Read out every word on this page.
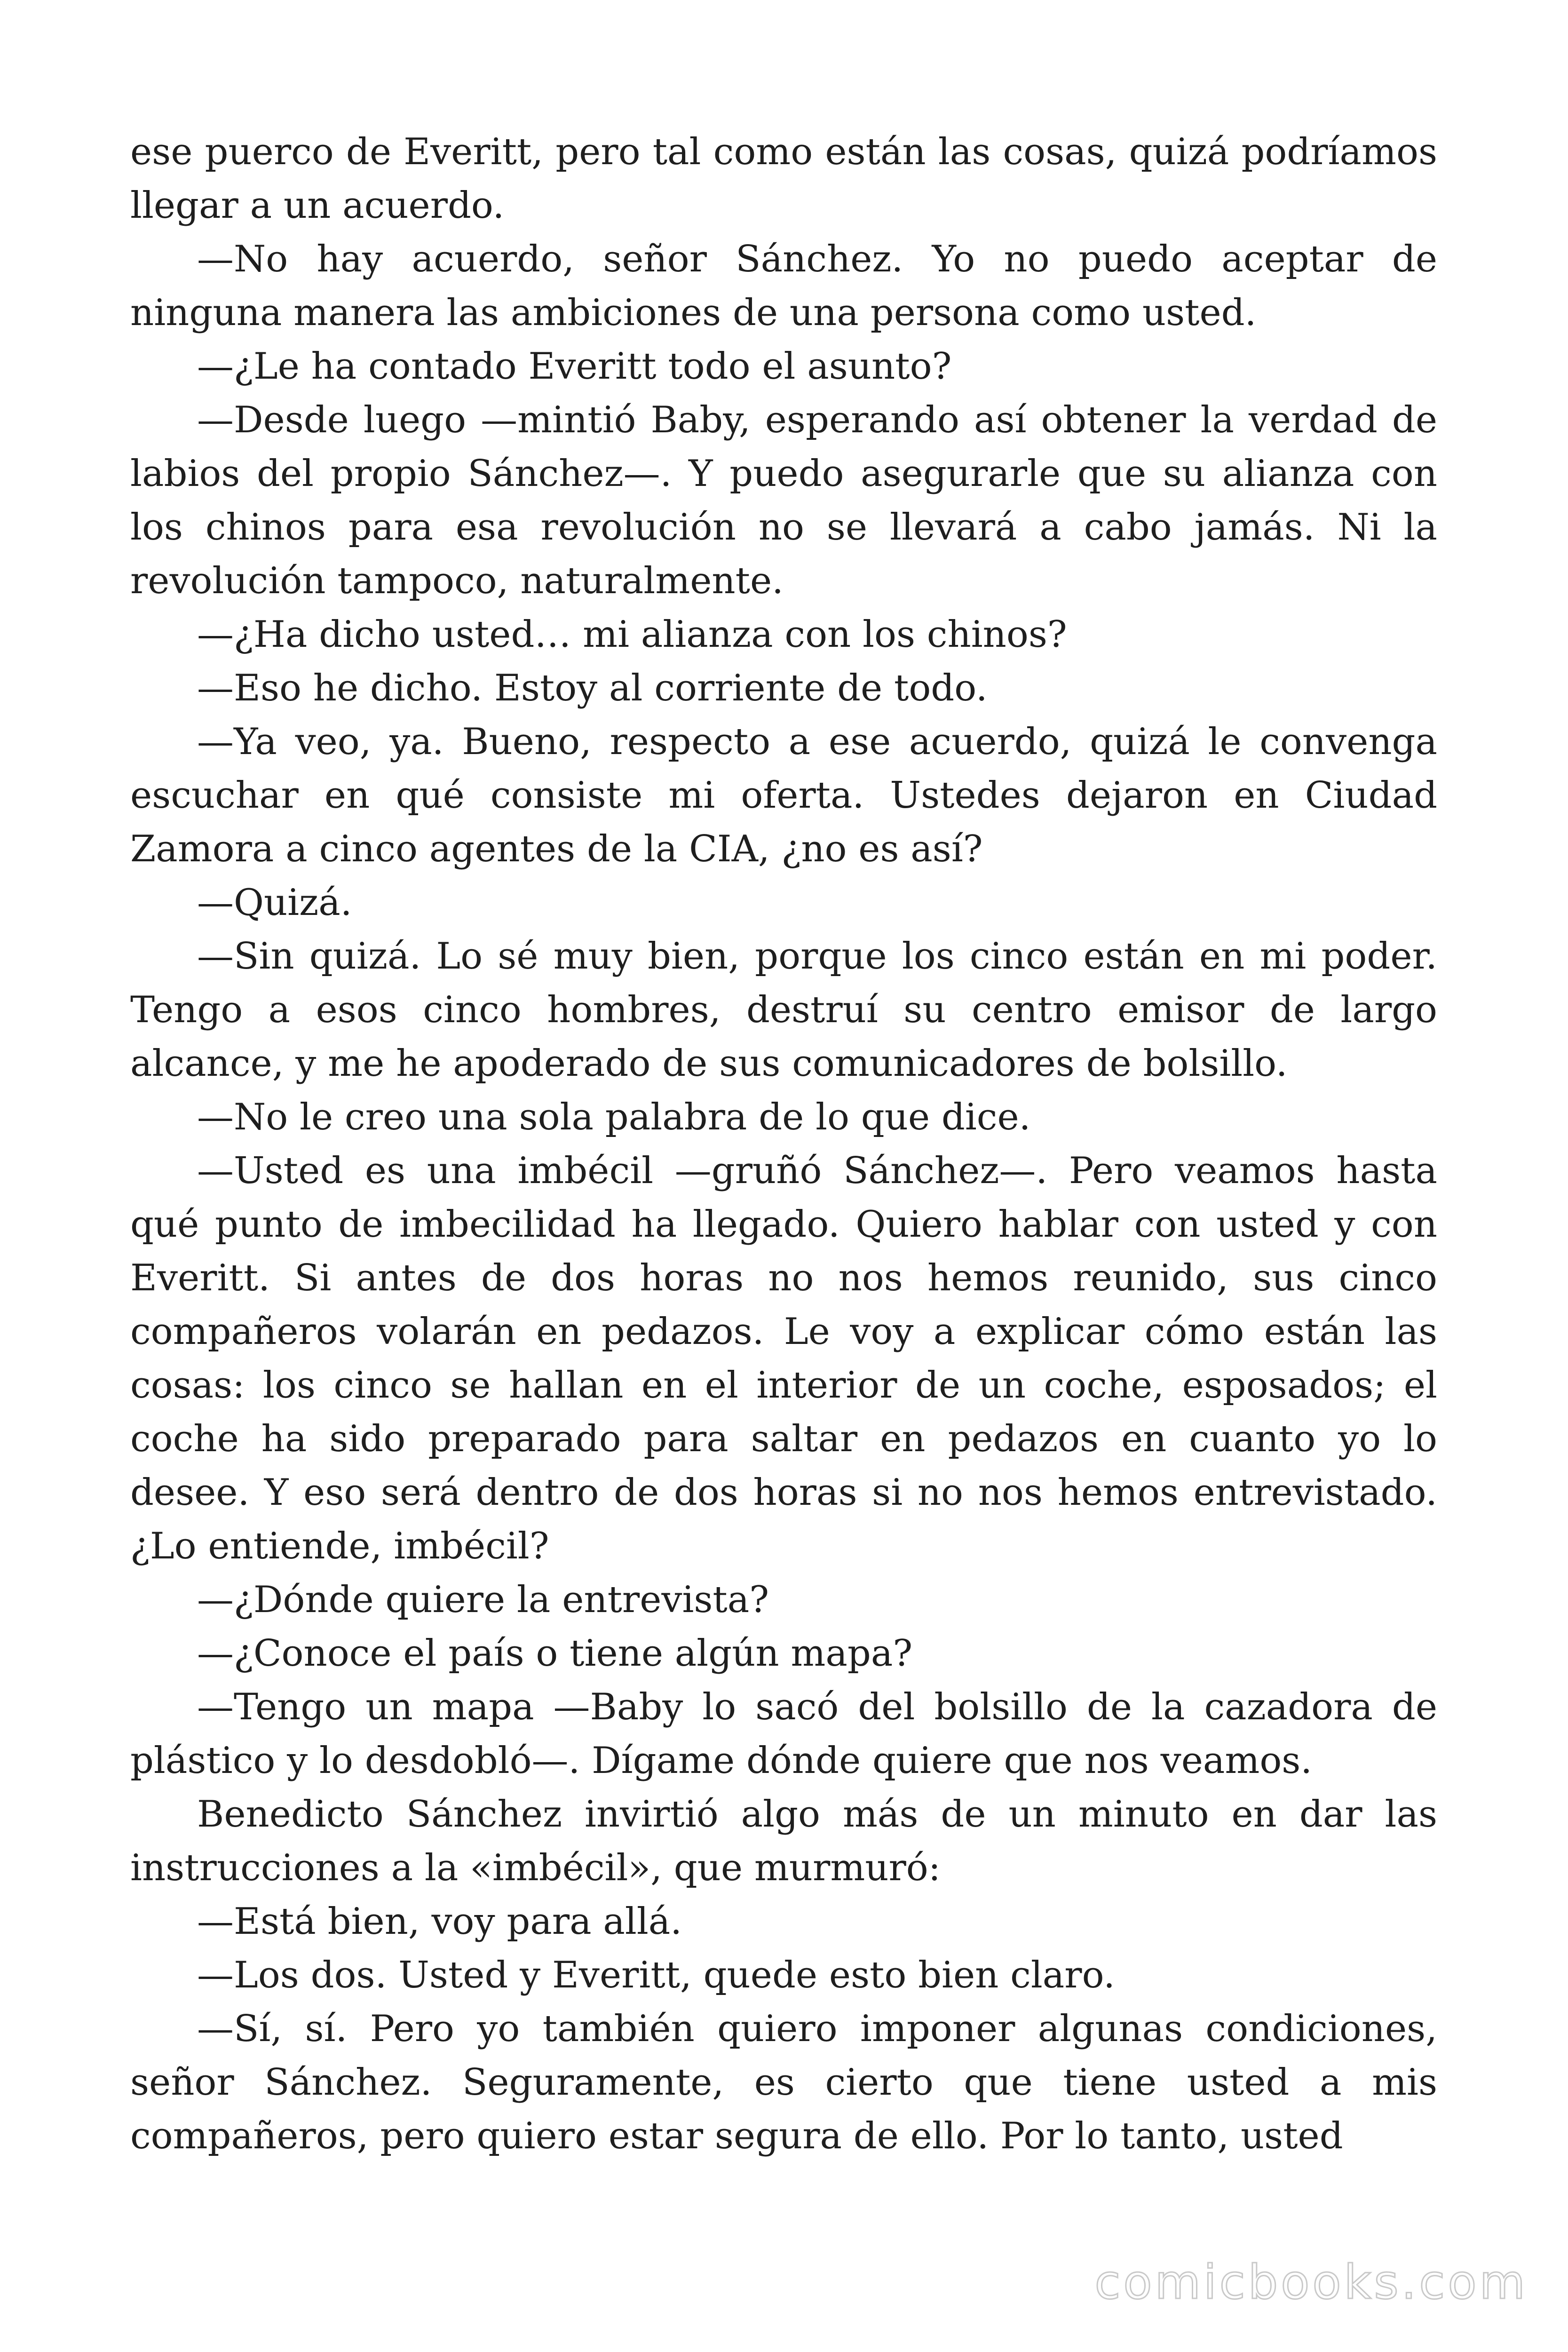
ese puerco de Everitt, pero tal como están las cosas, quizá podríamos llegar a un acuerdo.

—No hay acuerdo, señor Sánchez. Yo no puedo aceptar de ninguna manera las ambiciones de una persona como usted.

—¿Le ha contado Everitt todo el asunto?

—Desde luego —mintió Baby, esperando así obtener la verdad de labios del propio Sánchez—. Y puedo asegurarle que su alianza con los chinos para esa revolución no se llevará a cabo jamás. Ni la revolución tampoco, naturalmente.

—¿Ha dicho usted… mi alianza con los chinos?

—Eso he dicho. Estoy al corriente de todo.

—Ya veo, ya. Bueno, respecto a ese acuerdo, quizá le convenga escuchar en qué consiste mi oferta. Ustedes dejaron en Ciudad Zamora a cinco agentes de la CIA, ¿no es así?

—Quizá.

—Sin quizá. Lo sé muy bien, porque los cinco están en mi poder. Tengo a esos cinco hombres, destruí su centro emisor de largo alcance, y me he apoderado de sus comunicadores de bolsillo.

—No le creo una sola palabra de lo que dice.

—Usted es una imbécil —gruñó Sánchez—. Pero veamos hasta qué punto de imbecilidad ha llegado. Quiero hablar con usted y con Everitt. Si antes de dos horas no nos hemos reunido, sus cinco compañeros volarán en pedazos. Le voy a explicar cómo están las cosas: los cinco se hallan en el interior de un coche, esposados; el coche ha sido preparado para saltar en pedazos en cuanto yo lo desee. Y eso será dentro de dos horas si no nos hemos entrevistado. ¿Lo entiende, imbécil?

—¿Dónde quiere la entrevista?

—¿Conoce el país o tiene algún mapa?

—Tengo un mapa —Baby lo sacó del bolsillo de la cazadora de plástico y lo desdobló—. Dígame dónde quiere que nos veamos.

Benedicto Sánchez invirtió algo más de un minuto en dar las instrucciones a la «imbécil», que murmuró:

—Está bien, voy para allá.

—Los dos. Usted y Everitt, quede esto bien claro.

—Sí, sí. Pero yo también quiero imponer algunas condiciones, señor Sánchez. Seguramente, es cierto que tiene usted a mis compañeros, pero quiero estar segura de ello. Por lo tanto, usted

comicbooks.com
